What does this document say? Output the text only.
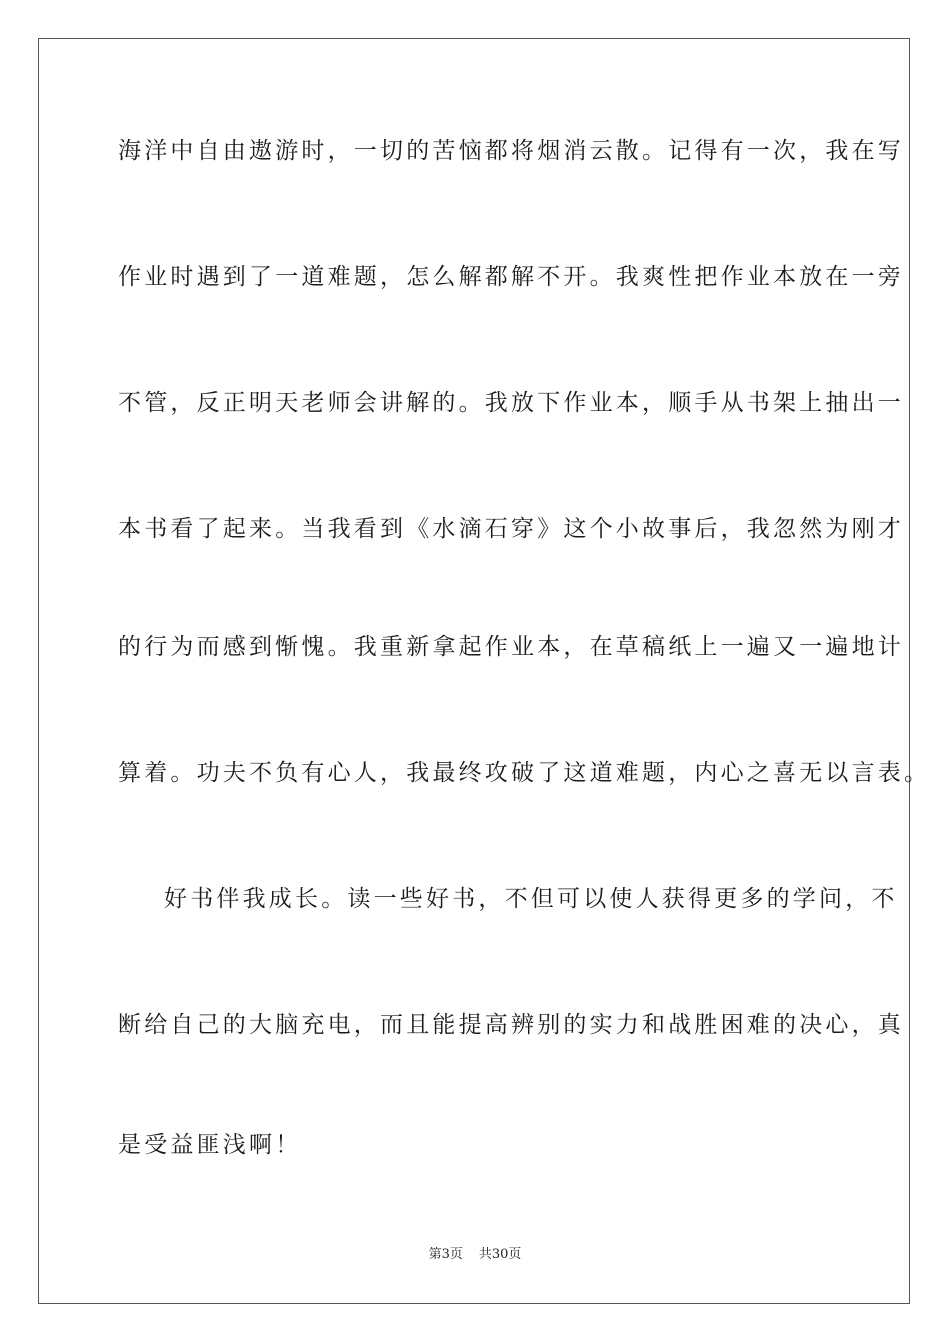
海洋中自由遨游时，一切的苦恼都将烟消云散。记得有一次，我在写
作业时遇到了一道难题，怎么解都解不开。我爽性把作业本放在一旁
不管，反正明天老师会讲解的。我放下作业本，顺手从书架上抽出一
本书看了起来。当我看到《水滴石穿》这个小故事后，我忽然为刚才
的行为而感到惭愧。我重新拿起作业本，在草稿纸上一遍又一遍地计
算着。功夫不负有心人，我最终攻破了这道难题，内心之喜无以言表。
好书伴我成长。读一些好书，不但可以使人获得更多的学问，不
断给自己的大脑充电，而且能提高辨别的实力和战胜困难的决心，真
是受益匪浅啊！
第3页 共30页
